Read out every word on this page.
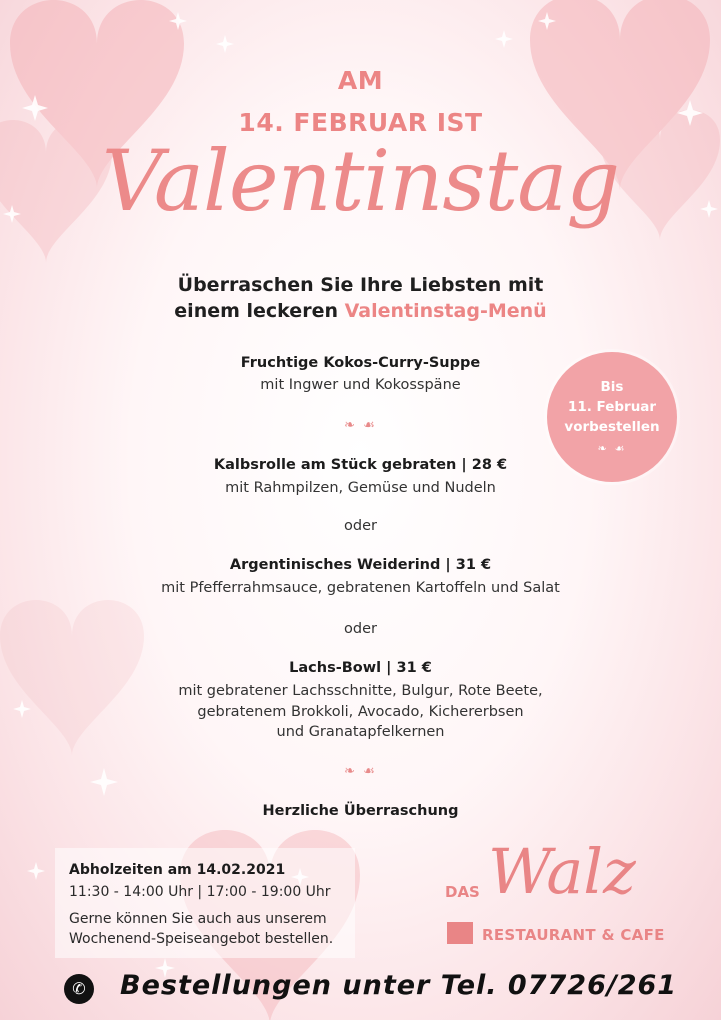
AM
14. FEBRUAR IST
Valentinstag
Überraschen Sie Ihre Liebsten mit
einem leckeren Valentinstag-Menü
Bis
11. Februar
vorbestellen
❧ ☙
Fruchtige Kokos-Curry-Suppe
mit Ingwer und Kokosspäne
❧ ☙
Kalbsrolle am Stück gebraten | 28 €
mit Rahmpilzen, Gemüse und Nudeln
oder
Argentinisches Weiderind | 31 €
mit Pfefferrahmsauce, gebratenen Kartoffeln und Salat
oder
Lachs-Bowl | 31 €
mit gebratener Lachsschnitte, Bulgur, Rote Beete,
gebratenem Brokkoli, Avocado, Kichererbsen
und Granatapfelkernen
❧ ☙
Herzliche Überraschung
Abholzeiten am 14.02.2021
11:30 - 14:00 Uhr | 17:00 - 19:00 Uhr
Gerne können Sie auch aus unserem
Wochenend-Speiseangebot bestellen.
DAS Walz
RESTAURANT & CAFE
✆	Bestellungen unter Tel. 07726/261
